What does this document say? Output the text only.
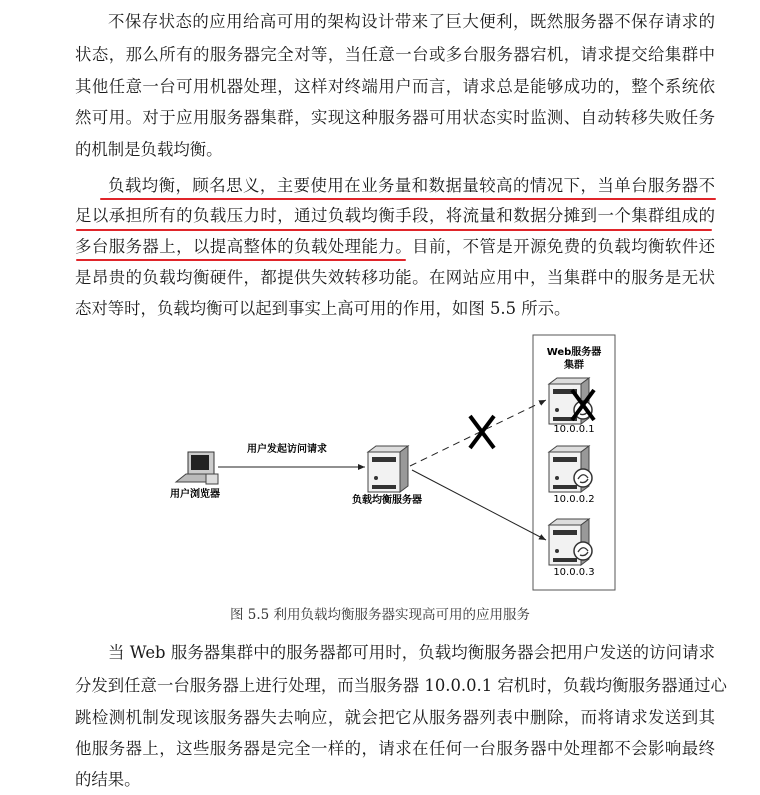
不保存状态的应用给高可用的架构设计带来了巨大便利，既然服务器不保存请求的
状态，那么所有的服务器完全对等，当任意一台或多台服务器宕机，请求提交给集群中
其他任意一台可用机器处理，这样对终端用户而言，请求总是能够成功的，整个系统依
然可用。对于应用服务器集群，实现这种服务器可用状态实时监测、自动转移失败任务
的机制是负载均衡。
负载均衡，顾名思义，主要使用在业务量和数据量较高的情况下，当单台服务器不
足以承担所有的负载压力时，通过负载均衡手段，将流量和数据分摊到一个集群组成的
多台服务器上，以提高整体的负载处理能力。目前，不管是开源免费的负载均衡软件还
是昂贵的负载均衡硬件，都提供失效转移功能。在网站应用中，当集群中的服务是无状
态对等时，负载均衡可以起到事实上高可用的作用，如图 5.5 所示。
Web服务器
集群
用户浏览器
用户发起访问请求
负载均衡服务器
10.0.0.1
10.0.0.2
10.0.0.3
图 5.5 利用负载均衡服务器实现高可用的应用服务
当 Web 服务器集群中的服务器都可用时，负载均衡服务器会把用户发送的访问请求
分发到任意一台服务器上进行处理，而当服务器 10.0.0.1 宕机时，负载均衡服务器通过心
跳检测机制发现该服务器失去响应，就会把它从服务器列表中删除，而将请求发送到其
他服务器上，这些服务器是完全一样的，请求在任何一台服务器中处理都不会影响最终
的结果。
